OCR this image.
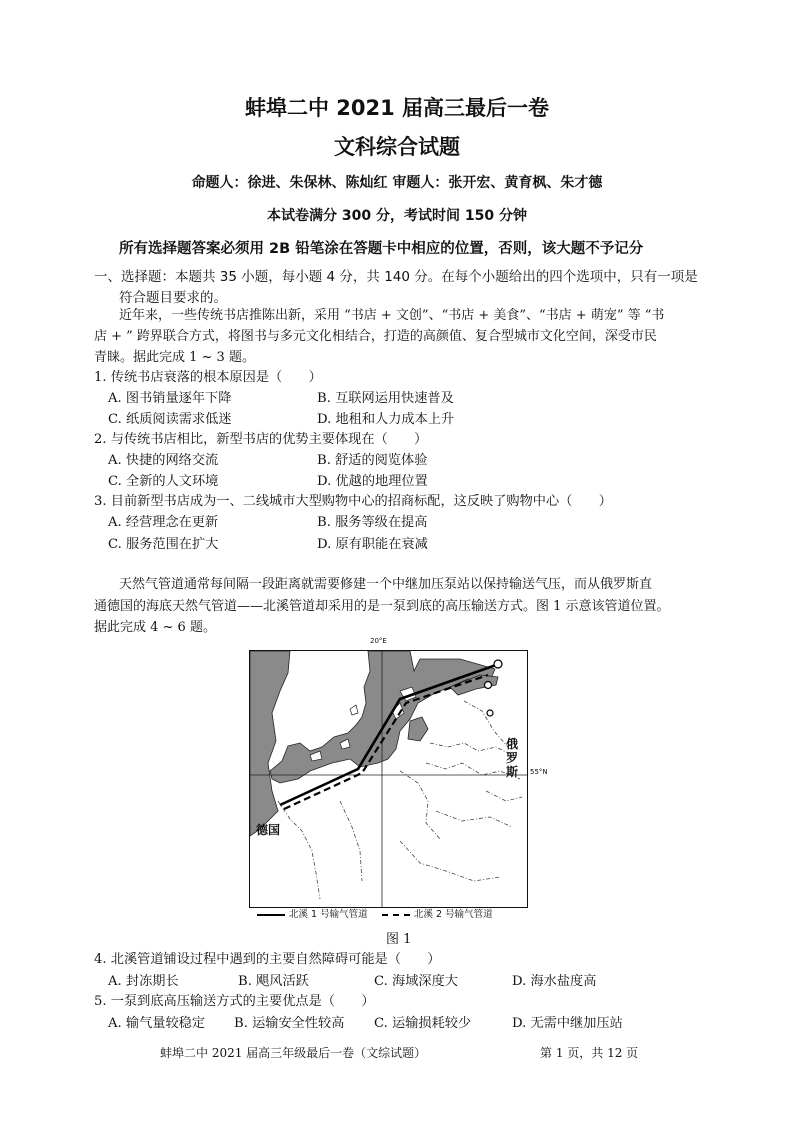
蚌埠二中 2021 届高三最后一卷
文科综合试题
命题人：徐进、朱保林、陈灿红 审题人：张开宏、黄育枫、朱才德
本试卷满分 300 分，考试时间 150 分钟
所有选择题答案必须用 2B 铅笔涂在答题卡中相应的位置，否则，该大题不予记分
一、选择题：本题共 35 小题，每小题 4 分，共 140 分。在每个小题给出的四个选项中，只有一项是
符合题目要求的。
近年来，一些传统书店推陈出新，采用 “书店 + 文创”、“书店 + 美食”、“书店 + 萌宠” 等 “书
店 + ” 跨界联合方式，将图书与多元文化相结合，打造的高颜值、复合型城市文化空间，深受市民
青睐。据此完成 1 ~ 3 题。
1. 传统书店衰落的根本原因是（　　）
A. 图书销量逐年下降	B. 互联网运用快速普及
C. 纸质阅读需求低迷	D. 地租和人力成本上升
2. 与传统书店相比，新型书店的优势主要体现在（　　）
A. 快捷的网络交流	B. 舒适的阅览体验
C. 全新的人文环境	D. 优越的地理位置
3. 目前新型书店成为一、二线城市大型购物中心的招商标配，这反映了购物中心（　　）
A. 经营理念在更新	B. 服务等级在提高
C. 服务范围在扩大	D. 原有职能在衰减
天然气管道通常每间隔一段距离就需要修建一个中继加压泵站以保持输送气压，而从俄罗斯直
通德国的海底天然气管道——北溪管道却采用的是一泵到底的高压输送方式。图 1 示意该管道位置。
据此完成 4 ~ 6 题。
20°E
俄
罗
斯
德国
55°N
北溪 1 号输气管道	北溪 2 号输气管道
图 1
4. 北溪管道铺设过程中遇到的主要自然障碍可能是（　　）
A. 封冻期长	B. 飓风活跃	C. 海域深度大	D. 海水盐度高
5. 一泵到底高压输送方式的主要优点是（　　）
A. 输气量较稳定 B. 运输安全性较高 C. 运输损耗较少	D. 无需中继加压站
蚌埠二中 2021 届高三年级最后一卷（文综试题）	第 1 页，共 12 页
